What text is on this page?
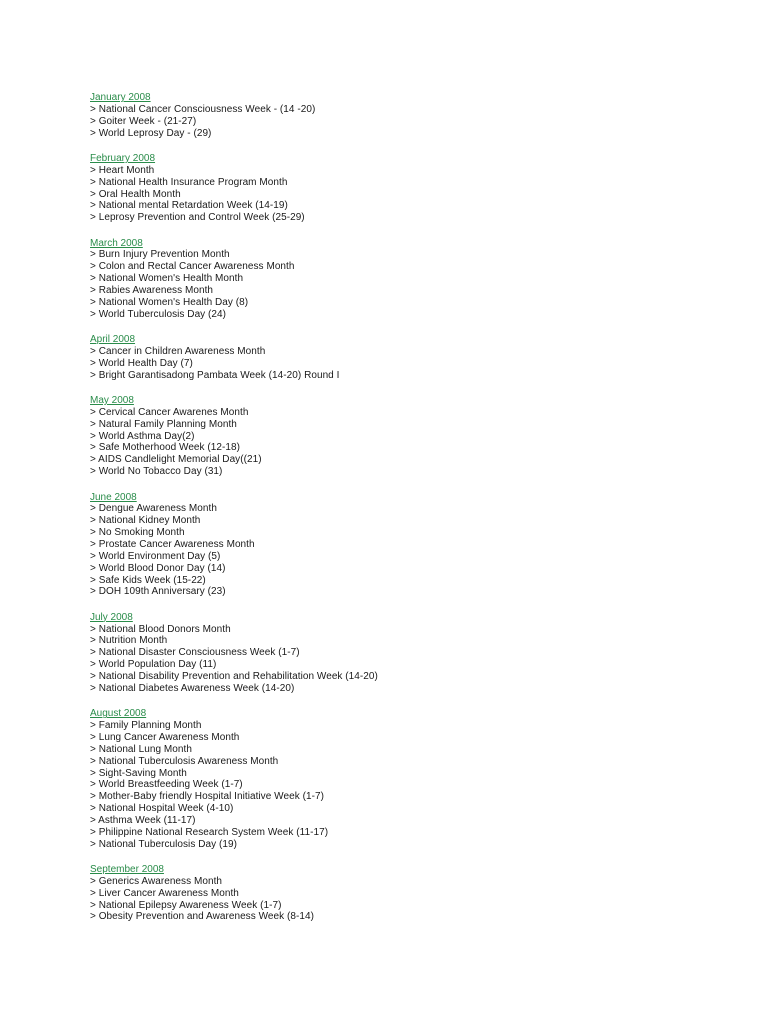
January 2008
> National Cancer Consciousness Week - (14 -20)
> Goiter Week - (21-27)
> World Leprosy Day - (29)
February 2008
> Heart Month
> National Health Insurance Program Month
> Oral Health Month
> National mental Retardation Week (14-19)
> Leprosy Prevention and Control Week (25-29)
March 2008
> Burn Injury Prevention Month
> Colon and Rectal Cancer Awareness Month
> National Women's Health Month
> Rabies Awareness Month
> National Women's Health Day (8)
> World Tuberculosis Day (24)
April 2008
> Cancer in Children Awareness Month
> World Health Day (7)
> Bright Garantisadong Pambata Week (14-20) Round I
May 2008
> Cervical Cancer Awarenes Month
> Natural Family Planning Month
> World Asthma Day(2)
> Safe Motherhood Week (12-18)
> AIDS Candlelight Memorial Day((21)
> World No Tobacco Day (31)
June 2008
> Dengue Awareness Month
> National Kidney Month
> No Smoking Month
> Prostate Cancer Awareness Month
> World Environment Day (5)
> World Blood Donor Day (14)
> Safe Kids Week (15-22)
> DOH 109th Anniversary (23)
July 2008
> National Blood Donors Month
> Nutrition Month
> National Disaster Consciousness Week (1-7)
> World Population Day (11)
> National Disability Prevention and Rehabilitation Week (14-20)
> National Diabetes Awareness Week (14-20)
August 2008
> Family Planning Month
> Lung Cancer Awareness Month
> National Lung Month
> National Tuberculosis Awareness Month
> Sight-Saving Month
> World Breastfeeding Week (1-7)
> Mother-Baby friendly Hospital Initiative Week (1-7)
> National Hospital Week (4-10)
> Asthma Week (11-17)
> Philippine National Research System Week (11-17)
> National Tuberculosis Day (19)
September 2008
> Generics Awareness Month
> Liver Cancer Awareness Month
> National Epilepsy Awareness Week (1-7)
> Obesity Prevention and Awareness Week (8-14)
